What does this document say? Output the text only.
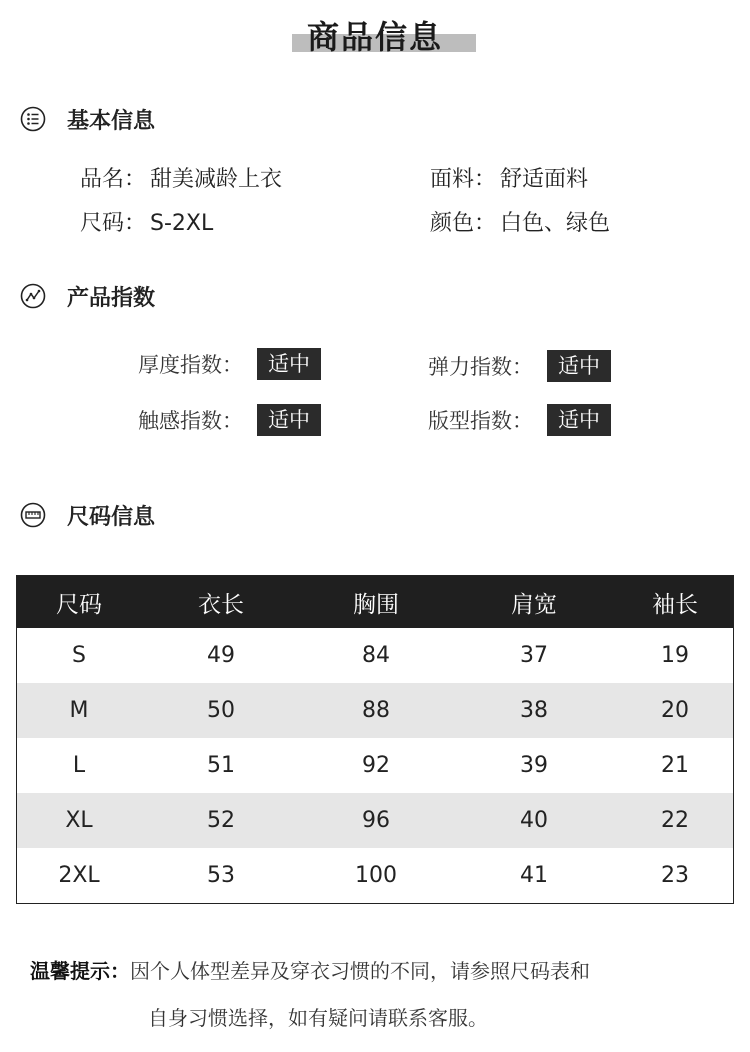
商品信息
基本信息
品名： 甜美减龄上衣	面料： 舒适面料
尺码： S-2XL	颜色： 白色、绿色
产品指数
厚度指数：	适中	弹力指数：	适中
触感指数：	适中	版型指数：	适中
尺码信息
尺码	衣长	胸围	肩宽	袖长
S	49	84	37	19
M	50	88	38	20
L	51	92	39	21
XL	52	96	40	22
2XL	53	100	41	23
温馨提示：因个人体型差异及穿衣习惯的不同，请参照尺码表和
自身习惯选择，如有疑问请联系客服。
